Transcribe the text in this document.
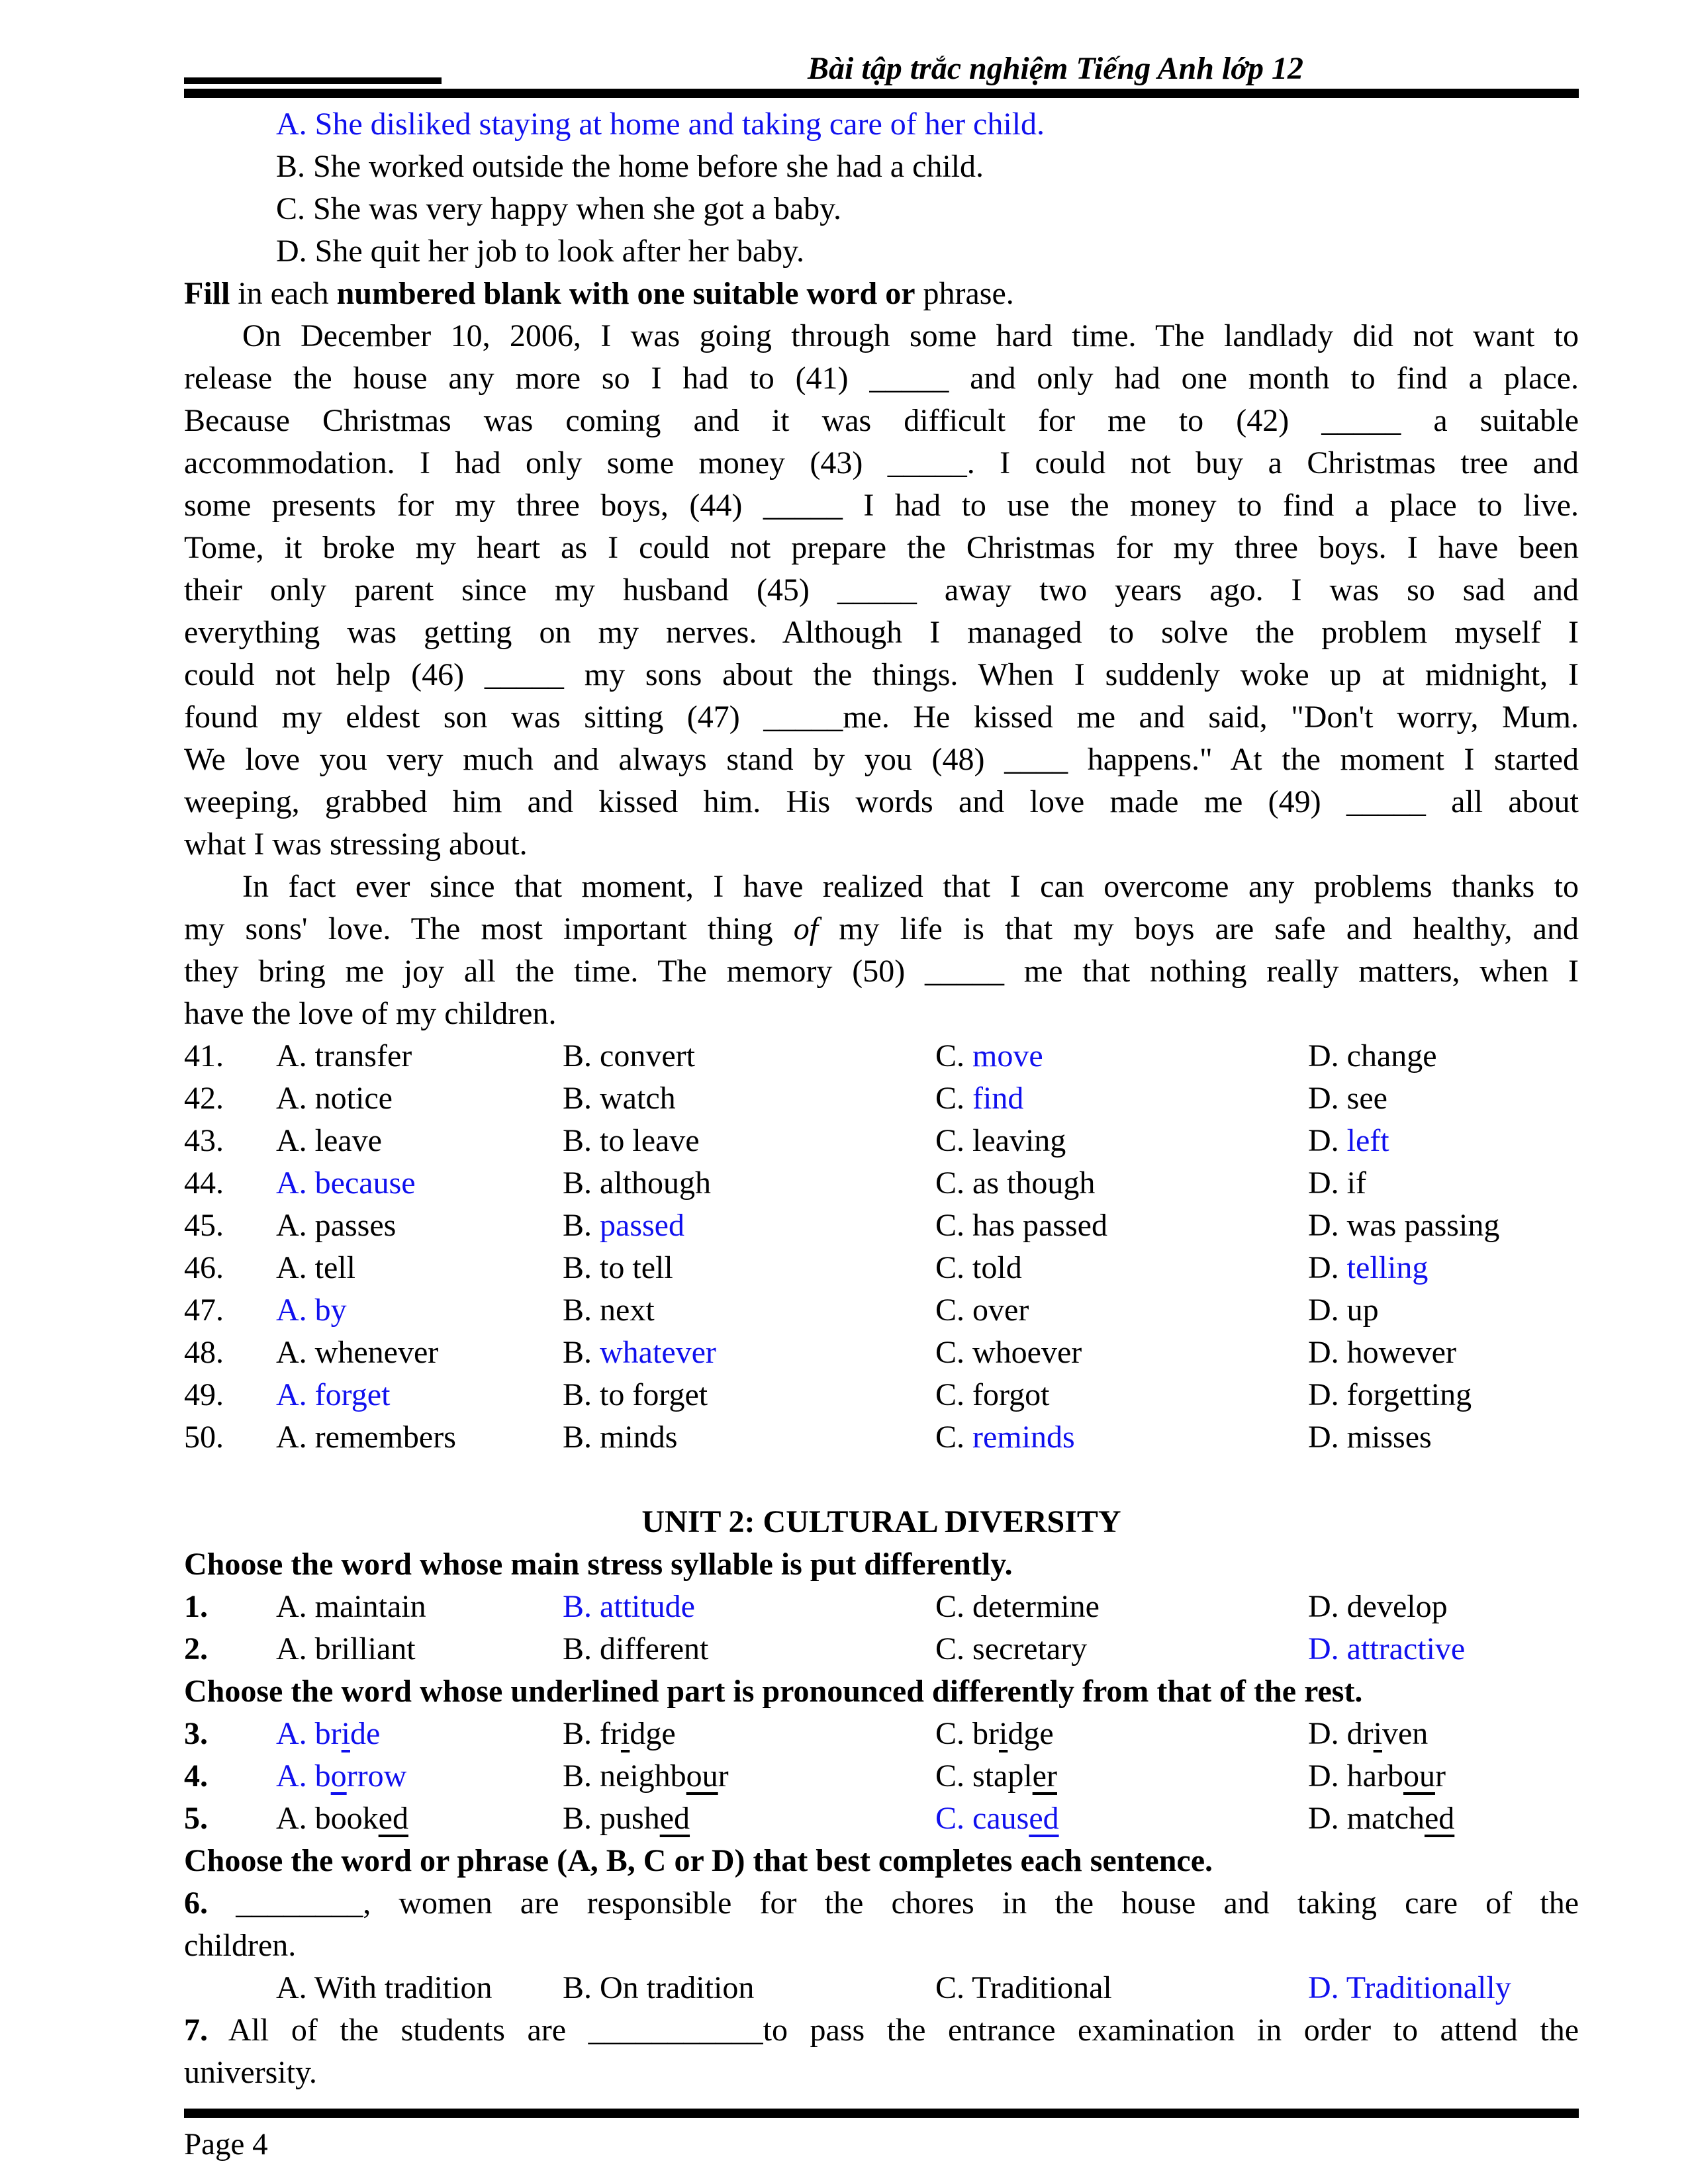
Bài tập trắc nghiệm Tiếng Anh lớp 12
A. She disliked staying at home and taking care of her child.
B. She worked outside the home before she had a child.
C. She was very happy when she got a baby.
D. She quit her job to look after her baby.
Fill in each numbered blank with one suitable word or phrase.
On December 10, 2006, I was going through some hard time. The landlady did not want to
release the house any more so I had to (41) _____ and only had one month to find a place.
Because Christmas was coming and it was difficult for me to (42) _____ a suitable
accommodation. I had only some money (43) _____. I could not buy a Christmas tree and
some presents for my three boys, (44) _____ I had to use the money to find a place to live.
Tome, it broke my heart as I could not prepare the Christmas for my three boys. I have been
their only parent since my husband (45) _____ away two years ago. I was so sad and
everything was getting on my nerves. Although I managed to solve the problem myself I
could not help (46) _____ my sons about the things. When I suddenly woke up at midnight, I
found my eldest son was sitting (47) _____me. He kissed me and said, "Don't worry, Mum.
We love you very much and always stand by you (48) ____ happens." At the moment I started
weeping, grabbed him and kissed him. His words and love made me (49) _____ all about
what I was stressing about.
In fact ever since that moment, I have realized that I can overcome any problems thanks to
my sons' love. The most important thing of my life is that my boys are safe and healthy, and
they bring me joy all the time. The memory (50) _____ me that nothing really matters, when I
have the love of my children.
41.	A. transfer	B. convert	C. move	D. change
42.	A. notice	B. watch	C. find	D. see
43.	A. leave	B. to leave	C. leaving	D. left
44.	A. because	B. although	C. as though	D. if
45.	A. passes	B. passed	C. has passed	D. was passing
46.	A. tell	B. to tell	C. told	D. telling
47.	A. by	B. next	C. over	D. up
48.	A. whenever	B. whatever	C. whoever	D. however
49.	A. forget	B. to forget	C. forgot	D. forgetting
50.	A. remembers	B. minds	C. reminds	D. misses
UNIT 2: CULTURAL DIVERSITY
Choose the word whose main stress syllable is put differently.
1.	A. maintain	B. attitude	C. determine	D. develop
2.	A. brilliant	B. different	C. secretary	D. attractive
Choose the word whose underlined part is pronounced differently from that of the rest.
3.	A. bride	B. fridge	C. bridge	D. driven
4.	A. borrow	B. neighbour	C. stapler	D. harbour
5.	A. booked	B. pushed	C. caused	D. matched
Choose the word or phrase (A, B, C or D) that best completes each sentence.
6. ________, women are responsible for the chores in the house and taking care of the
children.
A. With tradition	B. On tradition	C. Traditional	D. Traditionally
7. All of the students are ___________to pass the entrance examination in order to attend the
university.
Page 4
